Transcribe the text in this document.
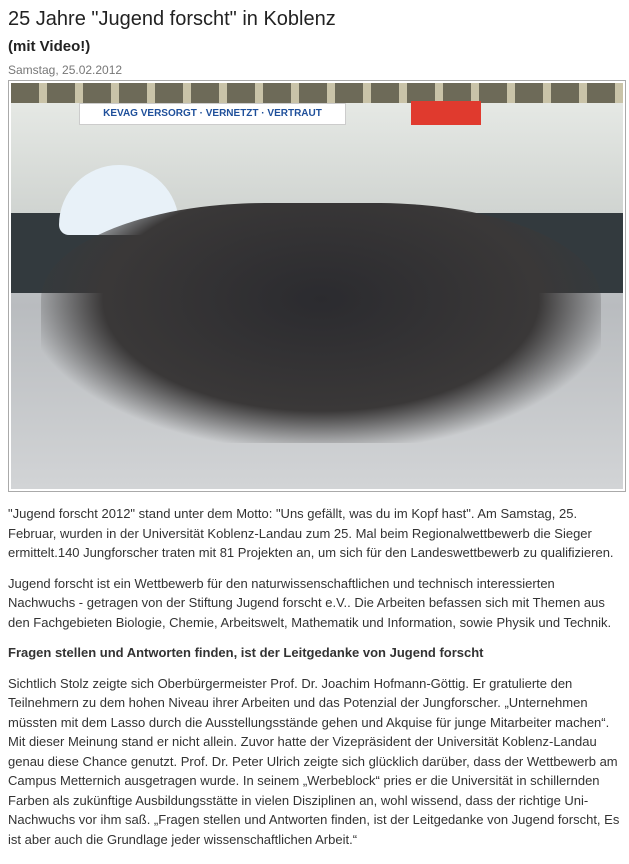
25 Jahre "Jugend forscht" in Koblenz
(mit Video!)
Samstag, 25.02.2012
KEVAG VERSORGT · VERNETZT · VERTRAUT

"Jugend forscht 2012" stand unter dem Motto: "Uns gefällt, was du im Kopf hast". Am Samstag, 25. Februar, wurden in der Universität Koblenz-Landau zum 25. Mal beim Regionalwettbewerb die Sieger ermittelt.140 Jungforscher traten mit 81 Projekten an, um sich für den Landeswettbewerb zu qualifizieren.

Jugend forscht ist ein Wettbewerb für den naturwissenschaftlichen und technisch interessierten Nachwuchs - getragen von der Stiftung Jugend forscht e.V.. Die Arbeiten befassen sich mit Themen aus den Fachgebieten Biologie, Chemie, Arbeitswelt, Mathematik und Information, sowie Physik und Technik.

Fragen stellen und Antworten finden, ist der Leitgedanke von Jugend forscht

Sichtlich Stolz zeigte sich Oberbürgermeister Prof. Dr. Joachim Hofmann-Göttig. Er gratulierte den Teilnehmern zu dem hohen Niveau ihrer Arbeiten und das Potenzial der Jungforscher. „Unternehmen müssten mit dem Lasso durch die Ausstellungsstände gehen und Akquise für junge Mitarbeiter machen“. Mit dieser Meinung stand er nicht allein. Zuvor hatte der Vizepräsident der Universität Koblenz-Landau genau diese Chance genutzt. Prof. Dr. Peter Ulrich zeigte sich glücklich darüber, dass der Wettbewerb am Campus Metternich ausgetragen wurde. In seinem „Werbeblock“ pries er die Universität in schillernden Farben als zukünftige Ausbildungsstätte in vielen Disziplinen an, wohl wissend, dass der richtige Uni-Nachwuchs vor ihm saß. „Fragen stellen und Antworten finden, ist der Leitgedanke von Jugend forscht, Es ist aber auch die Grundlage jeder wissenschaftlichen Arbeit.“
